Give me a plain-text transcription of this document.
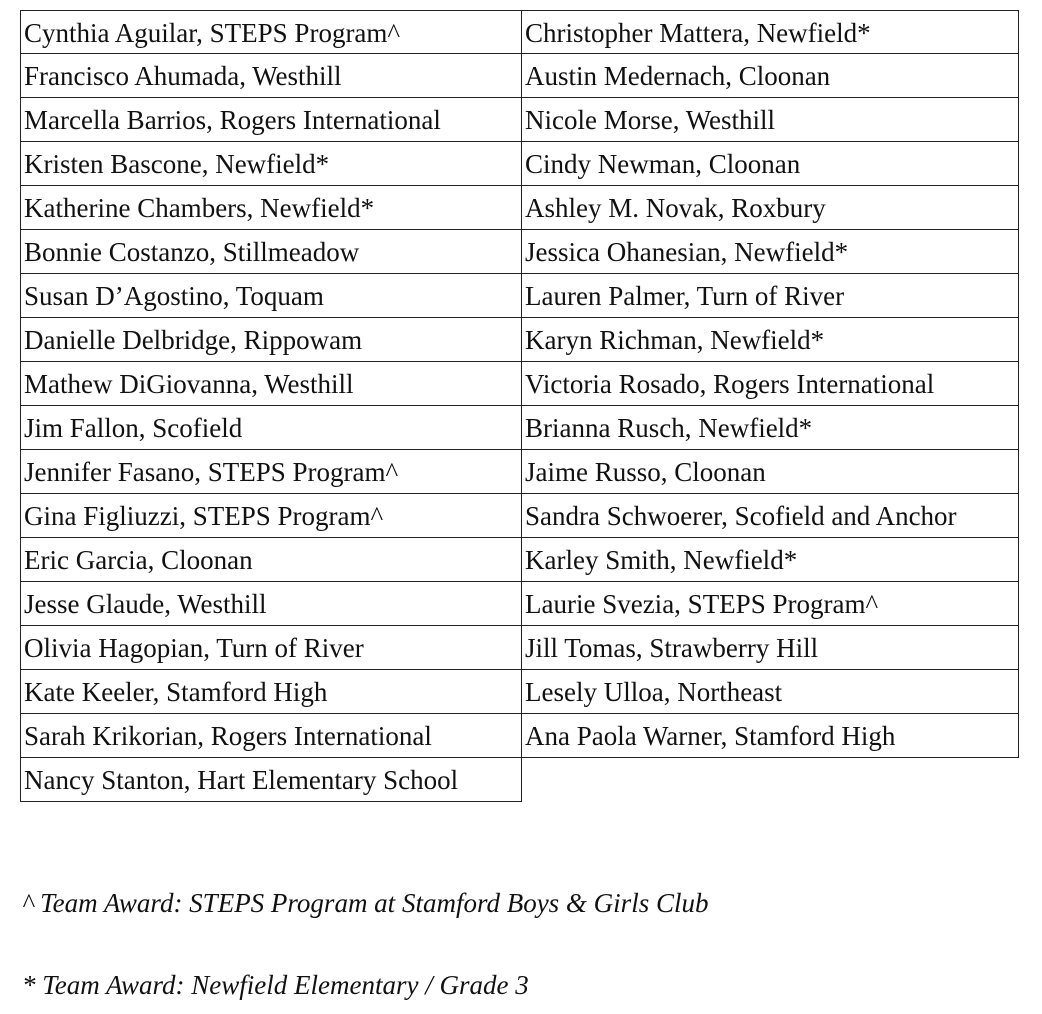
Cynthia Aguilar, STEPS Program^	Christopher Mattera, Newfield*
Francisco Ahumada, Westhill	Austin Medernach, Cloonan
Marcella Barrios, Rogers International	Nicole Morse, Westhill
Kristen Bascone, Newfield*	Cindy Newman, Cloonan
Katherine Chambers, Newfield*	Ashley M. Novak, Roxbury
Bonnie Costanzo, Stillmeadow	Jessica Ohanesian, Newfield*
Susan D’Agostino, Toquam	Lauren Palmer, Turn of River
Danielle Delbridge, Rippowam	Karyn Richman, Newfield*
Mathew DiGiovanna, Westhill	Victoria Rosado, Rogers International
Jim Fallon, Scofield	Brianna Rusch, Newfield*
Jennifer Fasano, STEPS Program^	Jaime Russo, Cloonan
Gina Figliuzzi, STEPS Program^	Sandra Schwoerer, Scofield and Anchor
Eric Garcia, Cloonan	Karley Smith, Newfield*
Jesse Glaude, Westhill	Laurie Svezia, STEPS Program^
Olivia Hagopian, Turn of River	Jill Tomas, Strawberry Hill
Kate Keeler, Stamford High	Lesely Ulloa, Northeast
Sarah Krikorian, Rogers International	Ana Paola Warner, Stamford High
Nancy Stanton, Hart Elementary School
^ Team Award: STEPS Program at Stamford Boys & Girls Club
* Team Award: Newfield Elementary / Grade 3
